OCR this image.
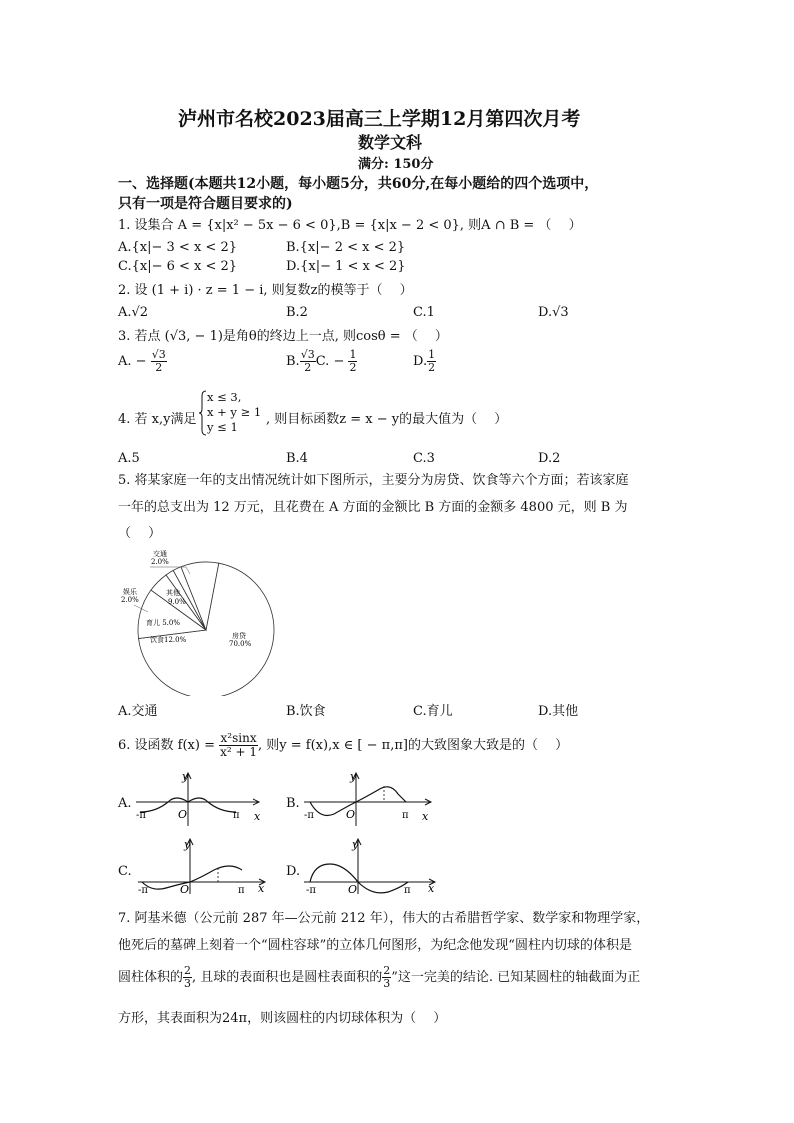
泸州市名校2023届高三上学期12月第四次月考
数学文科
满分: 150分
一、选择题(本题共12小题，每小题5分，共60分,在每小题给的四个选项中，
只有一项是符合题目要求的)
1. 设集合 A = {x|x² − 5x − 6 < 0},B = {x|x − 2 < 0}, 则A ∩ B = （　 ）
A.{x|− 3 < x < 2}	B.{x|− 2 < x < 2}
C.{x|− 6 < x < 2}	D.{x|− 1 < x < 2}
2. 设 (1 + i) · z = 1 − i, 则复数z的模等于（　 ）
A.√2	B.2	C.1	D.√3
3. 若点 (√3, − 1)是角θ的终边上一点, 则cosθ = （　 ）
A. − $\frac{√3}{2}$	B. $\frac{√3}{2} C$. − $\frac{1}{2}$	D. $\frac{1}{2}$
4. 若 x,y满足
x ≤ 3,
x + y ≥ 1
y ≤ 1 , 则目标函数z = x − y的最大值为（　 ）
A.5	B.4	C.3	D.2
5. 将某家庭一年的支出情况统计如下图所示，主要分为房贷、饮食等六个方面；若该家庭
一年的总支出为 12 万元，且花费在 A 方面的金额比 B 方面的金额多 4800 元，则 B 为
（　 ）
房贷
70.0%
饮食12.0%
育儿 5.0%
娱乐
2.0%
交通
2.0%
其他
9.0%
A.交通	B.饮食	C.育儿	D.其他
6. 设函数 $f(x) = \frac{\text{x²sinx}}{\text{x² + 1}}$ , 则y = f(x),x ∈ [ − π,π]的大致图象大致是的（　 ）
A.
y
x
O
-π	π
B.
y
x
O
-π	π
C.
y
x
O
-π	π
D.
y
x
O
-π	π
7. 阿基米德（公元前 287 年—公元前 212 年），伟大的古希腊哲学家、数学家和物理学家，
他死后的墓碑上刻着一个“圆柱容球”的立体几何图形，为纪念他发现“圆柱内切球的体积是
圆柱体积的 $\frac{2}{3}$ , 且球的表面积也是圆柱表面积的 $\frac{2}{3}$ ”这一完美的结论. 已知某圆柱的轴截面为正
方形，其表面积为24π，则该圆柱的内切球体积为（　 ）
